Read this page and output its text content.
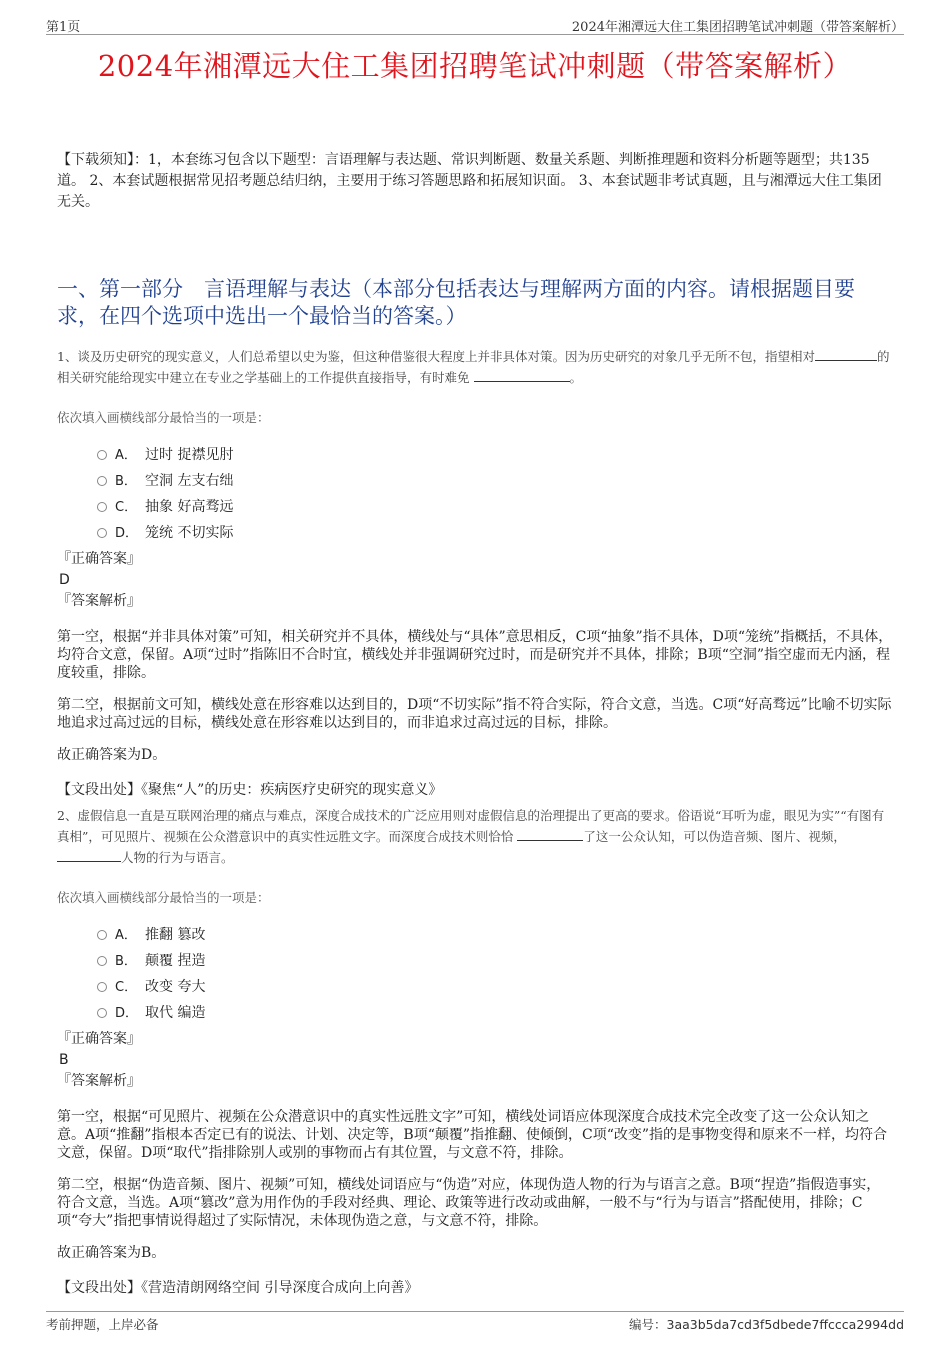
第1页	2024年湘潭远大住工集团招聘笔试冲刺题（带答案解析）
2024年湘潭远大住工集团招聘笔试冲刺题（带答案解析）
【下载须知】：1，本套练习包含以下题型：言语理解与表达题、常识判断题、数量关系题、判断推理题和资料分析题等题型；共135道。 2、本套试题根据常见招考题总结归纳，主要用于练习答题思路和拓展知识面。 3、本套试题非考试真题，且与湘潭远大住工集团无关。
一、第一部分　言语理解与表达（本部分包括表达与理解两方面的内容。请根据题目要求，在四个选项中选出一个最恰当的答案。）
1、谈及历史研究的现实意义，人们总希望以史为鉴，但这种借鉴很大程度上并非具体对策。因为历史研究的对象几乎无所不包，指望相对	的相关研究能给现实中建立在专业之学基础上的工作提供直接指导，有时难免	。
依次填入画横线部分最恰当的一项是：
A． 过时 捉襟见肘
B． 空洞 左支右绌
C． 抽象 好高骛远
D． 笼统 不切实际
『正确答案』
D
『答案解析』
第一空，根据“并非具体对策”可知，相关研究并不具体，横线处与“具体”意思相反，C项“抽象”指不具体，D项“笼统”指概括，不具体，均符合文意，保留。A项“过时”指陈旧不合时宜，横线处并非强调研究过时，而是研究并不具体，排除；B项“空洞”指空虚而无内涵，程度较重，排除。
第二空，根据前文可知，横线处意在形容难以达到目的，D项“不切实际”指不符合实际，符合文意，当选。C项“好高骛远”比喻不切实际地追求过高过远的目标，横线处意在形容难以达到目的，而非追求过高过远的目标，排除。
故正确答案为D。
【文段出处】《聚焦“人”的历史：疾病医疗史研究的现实意义》
2、虚假信息一直是互联网治理的痛点与难点，深度合成技术的广泛应用则对虚假信息的治理提出了更高的要求。俗语说“耳听为虚，眼见为实”“有图有真相”，可见照片、视频在公众潜意识中的真实性远胜文字。而深度合成技术则恰恰	了这一公众认知，可以伪造音频、图片、视频， 人物的行为与语言。
依次填入画横线部分最恰当的一项是：
A． 推翻 篡改
B． 颠覆 捏造
C． 改变 夸大
D． 取代 编造
『正确答案』
B
『答案解析』
第一空，根据“可见照片、视频在公众潜意识中的真实性远胜文字”可知，横线处词语应体现深度合成技术完全改变了这一公众认知之意。A项“推翻”指根本否定已有的说法、计划、决定等，B项“颠覆”指推翻、使倾倒，C项“改变”指的是事物变得和原来不一样，均符合文意，保留。D项“取代”指排除别人或别的事物而占有其位置，与文意不符，排除。
第二空，根据“伪造音频、图片、视频”可知，横线处词语应与“伪造”对应，体现伪造人物的行为与语言之意。B项“捏造”指假造事实，符合文意，当选。A项“篡改”意为用作伪的手段对经典、理论、政策等进行改动或曲解，一般不与“行为与语言”搭配使用，排除；C项“夸大”指把事情说得超过了实际情况，未体现伪造之意，与文意不符，排除。
故正确答案为B。
【文段出处】《营造清朗网络空间 引导深度合成向上向善》
考前押题，上岸必备	编号：3aa3b5da7cd3f5dbede7ffccca2994dd
